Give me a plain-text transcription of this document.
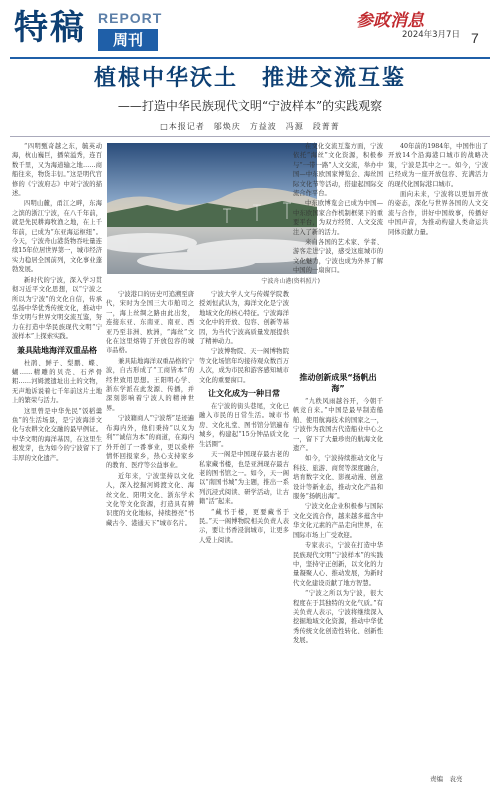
特稿 REPORT
周刊
参政消息
2024年3月7日 7
植根中华沃土　推进交流互鉴
——打造中华民族现代文明“宁波样本”的实践观察
□本报记者　邬焕庆　方益波　冯源　段菁菁
宁波舟山港(资料照片)

“四明甄奇越之东，毓英动海，杭山巍巨，播荣溢秀，连百数千里，又为海道输之地……商船往来，物货丰衍。”这是明代官修的《宁波府志》中对宁波的描述。

四明山麓，甬江之畔，东海之滨的浙江宁波，在八千年前，就是先民耕海牧渔之地，在上千年前，已成为“东亚海运枢纽”。今天，宁波舟山港货物吞吐量连续15年位居世界第一，城市经济实力稳居全国前列，文化事业蓬勃发展。

新时代的宁波，深入学习贯彻习近平文化思想，以“宁波之所以为宁波”的文化自信，传承弘扬中华优秀传统文化，推动中华文明与世界文明交流互鉴，努力在打造中华民族现代文明“宁波样本”上探索实践。

兼具陆地海洋双重品格

杜鹃、鲜子、梨鹏、蝶、蝴……精雕的贝壳、石斧骨耜……河姆渡遗址出土的文物，无声地诉说着七千年前这片土地上的繁荣与活力。

这里曾是中华先民“饭稻羹鱼”的生活场景，是宁波海洋文化与农耕文化交融的最早例证。中华文明的海洋基因，在这里生根发芽，也为如今的宁波留下了丰厚的文化遗产。

宁波港口的历史可追溯至唐代，宋时为全国三大市舶司之一，海上丝绸之路由此出发，连接东亚、东南亚、南亚、西亚乃至非洲、欧洲，“海丝”文化在这里熔铸了开放包容的城市品格。

兼具陆地海洋双重品格的宁波，自古形成了“工商皆本”的经世致用思想。王阳明心学、浙东学派在此发源、传播，并深刻影响着宁波人的精神世界。

宁波籍商人“宁波帮”足迹遍布海内外，他们秉持“以义为利”“诚信为本”的商道，在海内外开创了一番事业，更以桑梓情怀回报家乡，热心支持家乡的教育、医疗等公益事业。

近年来，宁波坚持以文化人，深入挖掘河姆渡文化、海丝文化、阳明文化、浙东学术文化等文化资源，打造具有辨识度的文化地标，持续擦亮“书藏古今、港通天下”城市名片。

宁波大学人文与传媒学院教授刘恒武认为，海洋文化是宁波地域文化的核心特征。宁波海洋文化中的开放、包容、创新等基因，为当代宁波高质量发展提供了精神动力。

宁波博物院、天一阁博物院等文化场馆年均接待观众数百万人次，成为市民和游客感知城市文化的重要窗口。

让文化成为一种日常

在宁波的街头巷尾，文化已融入市民的日常生活。城市书房、文化礼堂、图书馆分馆遍布城乡，构建起“15分钟品质文化生活圈”。

天一阁是中国现存最古老的私家藏书楼，也是亚洲现存最古老的图书馆之一。如今，天一阁以“南国书城”为主题，推出一系列沉浸式阅读、研学活动，让古籍“活”起来。

“藏书于楼，更要藏书于民。”天一阁博物院相关负责人表示，要让书香浸润城市，让更多人爱上阅读。

推动创新成果“扬帆出海”

“九秩风雨越谷开，今朝千帆竞自来。”中国是最早制造船舶、使用航海技术的国家之一，宁波作为我国古代造船业中心之一，留下了大量珍贵的航海文化遗产。

如今，宁波持续推动文化与科技、旅游、商贸等深度融合，培育数字文化、影视动漫、创意设计等新业态，推动文化产品和服务“扬帆出海”。

宁波文化企业积极参与国际文化交流合作，越来越多蕴含中华文化元素的产品走向世界，在国际市场上广受欢迎。

专家表示，宁波在打造中华民族现代文明“宁波样本”的实践中，坚持守正创新，以文化的力量凝聚人心、推动发展，为新时代文化建设贡献了地方智慧。

“宁波之所以为宁波，很大程度在于其独特的文化气质。”有关负责人表示，宁波将继续深入挖掘地域文化资源，推动中华优秀传统文化创造性转化、创新性发展。

在文化交流互鉴方面，宁波依托“海丝”文化资源，积极参与“一带一路”人文交流，举办中国—中东欧国家博览会、海丝国际文化节等活动，搭建起国际交流合作平台。

中东欧博览会已成为中国—中东欧国家合作机制框架下的重要平台，为双方经贸、人文交流注入了新的活力。

来自各国的艺术家、学者、游客走进宁波，感受这座城市的文化魅力，宁波也成为外界了解中国的一扇窗口。

40年前的1984年，中国作出了开放14个沿海港口城市的战略决策，宁波是其中之一。如今，宁波已经成为一座开放包容、充满活力的现代化国际港口城市。

面向未来，宁波将以更加开放的姿态，深化与世界各国的人文交流与合作，讲好中国故事，传播好中国声音，为推动构建人类命运共同体贡献力量。

责编　袁亮
